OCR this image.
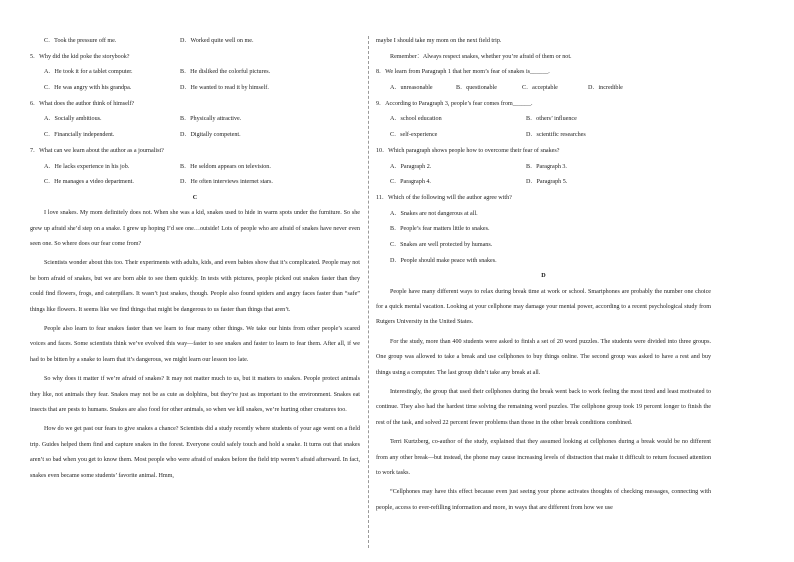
C．Took the pressure off me.	D．Worked quite well on me.
5．Why did the kid poke the storybook?
A．He took it for a tablet computer.	B．He disliked the colorful pictures.
C．He was angry with his grandpa.	D．He wanted to read it by himself.
6．What does the author think of himself?
A．Socially ambitious.	B．Physically attractive.
C．Financially independent.	D．Digitally competent.
7．What can we learn about the author as a journalist?
A．He lacks experience in his job.	B．He seldom appears on television.
C．He manages a video department.	D．He often interviews internet stars.
C

I love snakes. My mom definitely does not. When she was a kid, snakes used to hide in warm spots under the furniture. So she grew up afraid she’d step on a snake. I grew up hoping I’d see one…outside! Lots of people who are afraid of snakes have never even seen one. So where does our fear come from?

Scientists wonder about this too. Their experiments with adults, kids, and even babies show that it’s complicated. People may not be born afraid of snakes, but we are born able to see them quickly. In tests with pictures, people picked out snakes faster than they could find flowers, frogs, and caterpillars. It wasn’t just snakes, though. People also found spiders and angry faces faster than “safe” things like flowers. It seems like we find things that might be dangerous to us faster than things that aren’t.

People also learn to fear snakes faster than we learn to fear many other things. We take our hints from other people’s scared voices and faces. Some scientists think we’ve evolved this way—faster to see snakes and faster to learn to fear them. After all, if we had to be bitten by a snake to learn that it’s dangerous, we might learn our lesson too late.

So why does it matter if we’re afraid of snakes? It may not matter much to us, but it matters to snakes. People protect animals they like, not animals they fear. Snakes may not be as cute as dolphins, but they’re just as important to the environment. Snakes eat insects that are pests to humans. Snakes are also food for other animals, so when we kill snakes, we’re hurting other creatures too.

How do we get past our fears to give snakes a chance? Scientists did a study recently where students of your age went on a field trip. Guides helped them find and capture snakes in the forest. Everyone could safely touch and hold a snake. It turns out that snakes aren’t so bad when you get to know them. Most people who were afraid of snakes before the field trip weren’t afraid afterward. In fact, snakes even became some students’ favorite animal. Hmm,

maybe I should take my mom on the next field trip.
Remember：Always respect snakes, whether you’re afraid of them or not.
8．We learn from Paragraph 1 that her mom’s fear of snakes is______.
A．unreasonable	B．questionable	C．acceptable	D．incredible
9．According to Paragraph 3, people’s fear comes from______.
A．school education	B．others’ influence
C．self-experience	D．scientific researches
10．Which paragraph shows people how to overcome their fear of snakes?
A．Paragraph 2.	B．Paragraph 3.
C．Paragraph 4.	D．Paragraph 5.
11．Which of the following will the author agree with?
A．Snakes are not dangerous at all.
B．People’s fear matters little to snakes.
C．Snakes are well protected by humans.
D．People should make peace with snakes.
D

People have many different ways to relax during break time at work or school. Smartphones are probably the number one choice for a quick mental vacation. Looking at your cellphone may damage your mental power, according to a recent psychological study from Rutgers University in the United States.

For the study, more than 400 students were asked to finish a set of 20 word puzzles. The students were divided into three groups. One group was allowed to take a break and use cellphones to buy things online. The second group was asked to have a rest and buy things using a computer. The last group didn’t take any break at all.

Interestingly, the group that used their cellphones during the break went back to work feeling the most tired and least motivated to continue. They also had the hardest time solving the remaining word puzzles. The cellphone group took 19 percent longer to finish the rest of the task, and solved 22 percent fewer problems than those in the other break conditions combined.

Terri Kurtzberg, co-author of the study, explained that they assumed looking at cellphones during a break would be no different from any other break—but instead, the phone may cause increasing levels of distraction that make it difficult to return focused attention to work tasks.

“Cellphones may have this effect because even just seeing your phone activates thoughts of checking messages, connecting with people, access to ever-refilling information and more, in ways that are different from how we use
